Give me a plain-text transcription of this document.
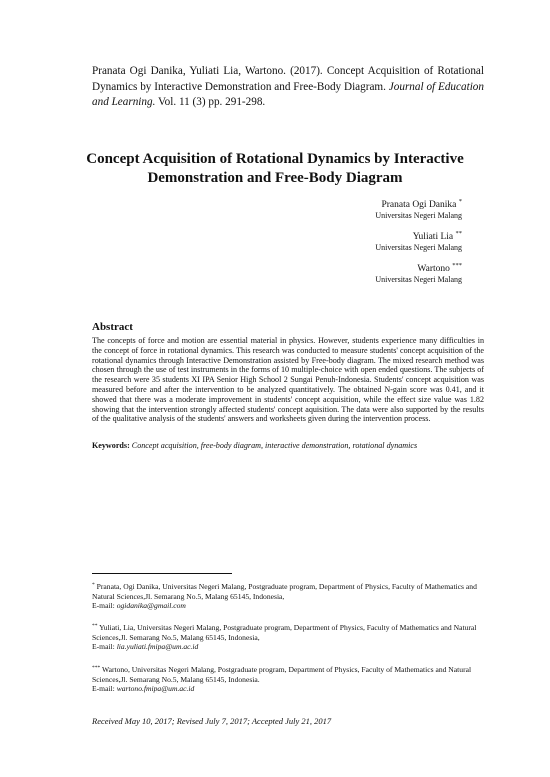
Pranata Ogi Danika, Yuliati Lia, Wartono. (2017). Concept Acquisition of Rotational Dynamics by Interactive Demonstration and Free-Body Diagram. Journal of Education and Learning. Vol. 11 (3) pp. 291-298.
Concept Acquisition of Rotational Dynamics by Interactive
Demonstration and Free-Body Diagram
Pranata Ogi Danika *
Universitas Negeri Malang
Yuliati Lia **
Universitas Negeri Malang
Wartono ***
Universitas Negeri Malang
Abstract
The concepts of force and motion are essential material in physics. However, students experience many difficulties in the concept of force in rotational dynamics. This research was conducted to measure students' concept acquisition of the rotational dynamics through Interactive Demonstration assisted by Free-body diagram. The mixed research method was chosen through the use of test instruments in the forms of 10 multiple-choice with open ended questions. The subjects of the research were 35 students XI IPA Senior High School 2 Sungai Penuh-Indonesia. Students' concept acquisition was measured before and after the intervention to be analyzed quantitatively. The obtained N-gain score was 0.41, and it showed that there was a moderate improvement in students' concept acquisition, while the effect size value was 1.82 showing that the intervention strongly affected students' concept aquisition. The data were also supported by the results of the qualitative analysis of the students' answers and worksheets given during the intervention process.
Keywords: Concept acquisition, free-body diagram, interactive demonstration, rotational dynamics
* Pranata, Ogi Danika, Universitas Negeri Malang, Postgraduate program, Department of Physics, Faculty of Mathematics and Natural Sciences,Jl. Semarang No.5, Malang 65145, Indonesia,
E-mail: ogidanika@gmail.com
** Yuliati, Lia, Universitas Negeri Malang, Postgraduate program, Department of Physics, Faculty of Mathematics and Natural Sciences,Jl. Semarang No.5, Malang 65145, Indonesia,
E-mail: lia.yuliati.fmipa@um.ac.id
*** Wartono, Universitas Negeri Malang, Postgraduate program, Department of Physics, Faculty of Mathematics and Natural Sciences,Jl. Semarang No.5, Malang 65145, Indonesia.
E-mail: wartono.fmipa@um.ac.id
Received May 10, 2017; Revised July 7, 2017; Accepted July 21, 2017
